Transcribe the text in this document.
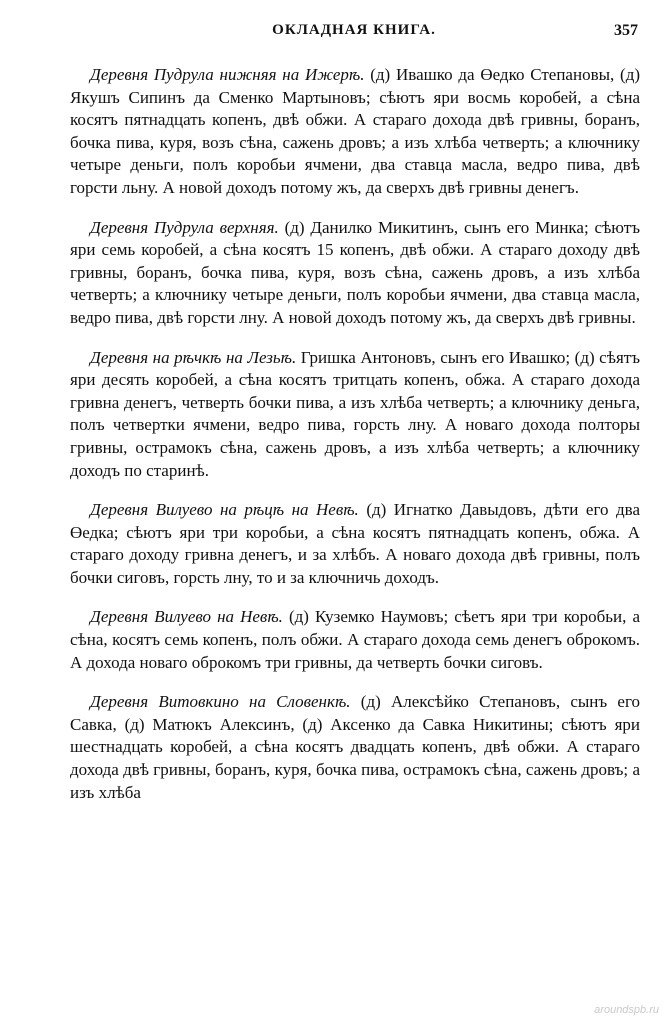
ОКЛАДНАЯ КНИГА.	357

Деревня Пудрула нижняя на Ижерѣ. (д) Ивашко да Өедко Степановы, (д) Якушъ Сипинъ да Сменко Мартыновъ; сѣютъ яри восмь коробей, а сѣна косятъ пятнадцать копенъ, двѣ обжи. А стараго дохода двѣ гривны, боранъ, бочка пива, куря, возъ сѣна, сажень дровъ; а изъ хлѣба четверть; а ключнику четыре деньги, полъ коробьи ячмени, два ставца масла, ведро пива, двѣ горсти льну. А новой доходъ потому жъ, да сверхъ двѣ гривны денегъ.

Деревня Пудрула верхняя. (д) Данилко Микитинъ, сынъ его Минка; сѣютъ яри семь коробей, а сѣна косятъ 15 копенъ, двѣ обжи. А стараго доходу двѣ гривны, боранъ, бочка пива, куря, возъ сѣна, сажень дровъ, а изъ хлѣба четверть; а ключнику четыре деньги, полъ коробьи ячмени, два ставца масла, ведро пива, двѣ горсти лну. А новой доходъ потому жъ, да сверхъ двѣ гривны.

Деревня на рѣчкѣ на Лезьѣ. Гришка Антоновъ, сынъ его Ивашко; (д) сѣятъ яри десять коробей, а сѣна косятъ тритцать копенъ, обжа. А стараго дохода гривна денегъ, четверть бочки пива, а изъ хлѣба четверть; а ключнику деньга, полъ четвертки ячмени, ведро пива, горсть лну. А новаго дохода полторы гривны, острамокъ сѣна, сажень дровъ, а изъ хлѣба четверть; а ключнику доходъ по старинѣ.

Деревня Вилуево на рѣцѣ на Невѣ. (д) Игнатко Давыдовъ, дѣти его два Өедка; сѣютъ яри три коробьи, а сѣна косятъ пятнадцать копенъ, обжа. А стараго доходу гривна денегъ, и за хлѣбъ. А новаго дохода двѣ гривны, полъ бочки сиговъ, горсть лну, то и за ключничь доходъ.

Деревня Вилуево на Невѣ. (д) Куземко Наумовъ; сѣетъ яри три коробьи, а сѣна, косятъ семь копенъ, полъ обжи. А стараго дохода семь денегъ оброкомъ. А дохода новаго оброкомъ три гривны, да четверть бочки сиговъ.

Деревня Витовкино на Словенкѣ. (д) Алексѣйко Степановъ, сынъ его Савка, (д) Матюкъ Алексинъ, (д) Аксенко да Савка Никитины; сѣютъ яри шестнадцать коробей, а сѣна косятъ двадцать копенъ, двѣ обжи. А стараго дохода двѣ гривны, боранъ, куря, бочка пива, острамокъ сѣна, сажень дровъ; а изъ хлѣба

aroundspb.ru
